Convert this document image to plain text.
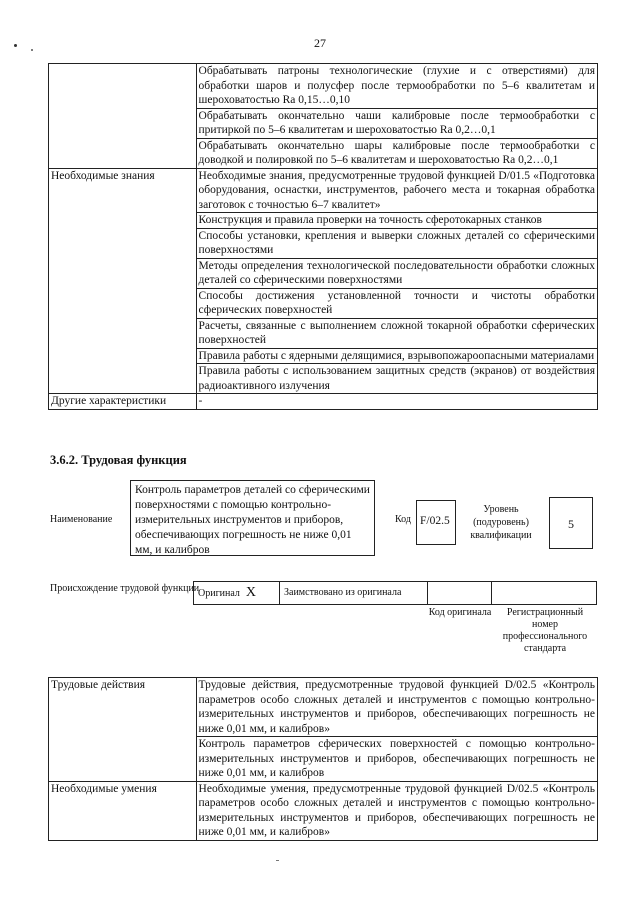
27
	Обрабатывать патроны технологические (глухие и с отверстиями) для обработки шаров и полусфер после термообработки по 5–6 квалитетам и шероховатостью Ra 0,15…0,10
	Обрабатывать окончательно чаши калибровые после термообработки с притиркой по 5–6 квалитетам и шероховатостью Ra 0,2…0,1
	Обрабатывать окончательно шары калибровые после термообработки с доводкой и полировкой по 5–6 квалитетам и шероховатостью Ra 0,2…0,1
Необходимые знания	Необходимые знания, предусмотренные трудовой функцией D/01.5 «Подготовка оборудования, оснастки, инструментов, рабочего места и токарная обработка заготовок с точностью 6–7 квалитет»
	Конструкция и правила проверки на точность сферотокарных станков
	Способы установки, крепления и выверки сложных деталей со сферическими поверхностями
	Методы определения технологической последовательности обработки сложных деталей со сферическими поверхностями
	Способы достижения установленной точности и чистоты обработки сферических поверхностей
	Расчеты, связанные с выполнением сложной токарной обработки сферических поверхностей
	Правила работы с ядерными делящимися, взрывопожароопасными материалами
	Правила работы с использованием защитных средств (экранов) от воздействия радиоактивного излучения
Другие характеристики	-
3.6.2. Трудовая функция
Наименование
Контроль параметров деталей со сферическими поверхностями с помощью контрольно-измерительных инструментов и приборов, обеспечивающих погрешность не ниже 0,01 мм, и калибров
Код F/02.5
Уровень (подуровень) квалификации
5
Происхождение трудовой функции
Оригинал X	Заимствовано из оригинала
Код оригинала	Регистрационный номер профессионального стандарта
Трудовые действия	Трудовые действия, предусмотренные трудовой функцией D/02.5 «Контроль параметров особо сложных деталей и инструментов с помощью контрольно-измерительных инструментов и приборов, обеспечивающих погрешность не ниже 0,01 мм, и калибров»
	Контроль параметров сферических поверхностей с помощью контрольно-измерительных инструментов и приборов, обеспечивающих погрешность не ниже 0,01 мм, и калибров
Необходимые умения	Необходимые умения, предусмотренные трудовой функцией D/02.5 «Контроль параметров особо сложных деталей и инструментов с помощью контрольно-измерительных инструментов и приборов, обеспечивающих погрешность не ниже 0,01 мм, и калибров»
